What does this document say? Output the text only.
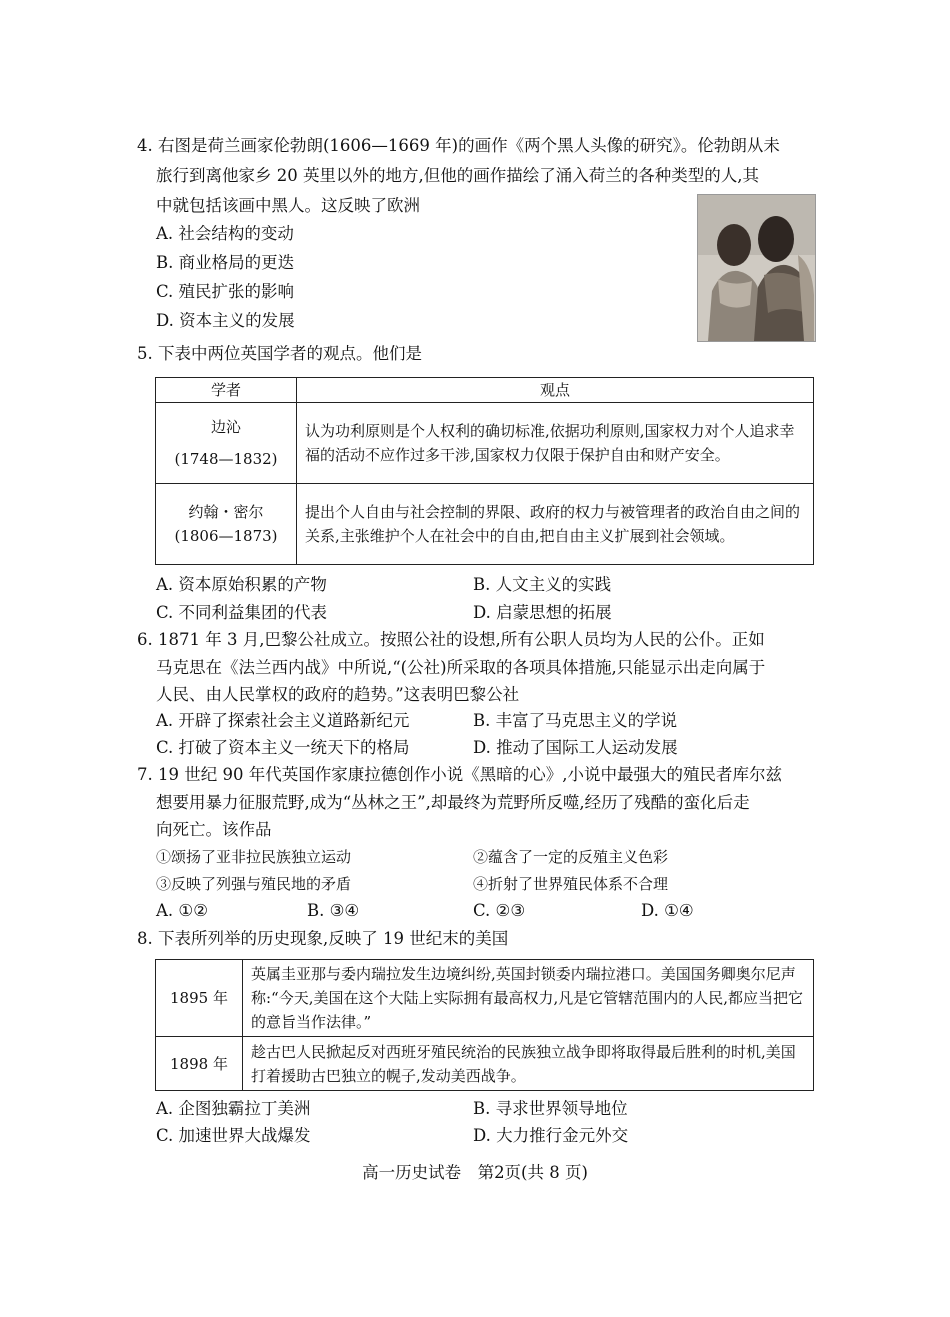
4. 右图是荷兰画家伦勃朗(1606—1669 年)的画作《两个黑人头像的研究》。伦勃朗从未
旅行到离他家乡 20 英里以外的地方,但他的画作描绘了涌入荷兰的各种类型的人,其
中就包括该画中黑人。这反映了欧洲
A. 社会结构的变动
B. 商业格局的更迭
C. 殖民扩张的影响
D. 资本主义的发展
5. 下表中两位英国学者的观点。他们是
学者	观点

边沁
(1748—1832)	认为功利原则是个人权利的确切标准,依据功利原则,国家权力对个人追求幸福的活动不应作过多干涉,国家权力仅限于保护自由和财产安全。

约翰・密尔
(1806—1873)	提出个人自由与社会控制的界限、政府的权力与被管理者的政治自由之间的关系,主张维护个人在社会中的自由,把自由主义扩展到社会领域。
A. 资本原始积累的产物	B. 人文主义的实践
C. 不同利益集团的代表	D. 启蒙思想的拓展
6. 1871 年 3 月,巴黎公社成立。按照公社的设想,所有公职人员均为人民的公仆。正如
马克思在《法兰西内战》中所说,“(公社)所采取的各项具体措施,只能显示出走向属于
人民、由人民掌权的政府的趋势。”这表明巴黎公社
A. 开辟了探索社会主义道路新纪元	B. 丰富了马克思主义的学说
C. 打破了资本主义一统天下的格局	D. 推动了国际工人运动发展
7. 19 世纪 90 年代英国作家康拉德创作小说《黑暗的心》,小说中最强大的殖民者库尔兹
想要用暴力征服荒野,成为“丛林之王”,却最终为荒野所反噬,经历了残酷的蛮化后走
向死亡。该作品
①颂扬了亚非拉民族独立运动	②蕴含了一定的反殖主义色彩
③反映了列强与殖民地的矛盾	④折射了世界殖民体系不合理
A. ①②	B. ③④	C. ②③	D. ①④
8. 下表所列举的历史现象,反映了 19 世纪末的美国
1895 年	英属圭亚那与委内瑞拉发生边境纠纷,英国封锁委内瑞拉港口。美国国务卿奥尔尼声称:“今天,美国在这个大陆上实际拥有最高权力,凡是它管辖范围内的人民,都应当把它的意旨当作法律。”
1898 年	趁古巴人民掀起反对西班牙殖民统治的民族独立战争即将取得最后胜利的时机,美国打着援助古巴独立的幌子,发动美西战争。
A. 企图独霸拉丁美洲	B. 寻求世界领导地位
C. 加速世界大战爆发	D. 大力推行金元外交
高一历史试卷　第2页(共 8 页)
